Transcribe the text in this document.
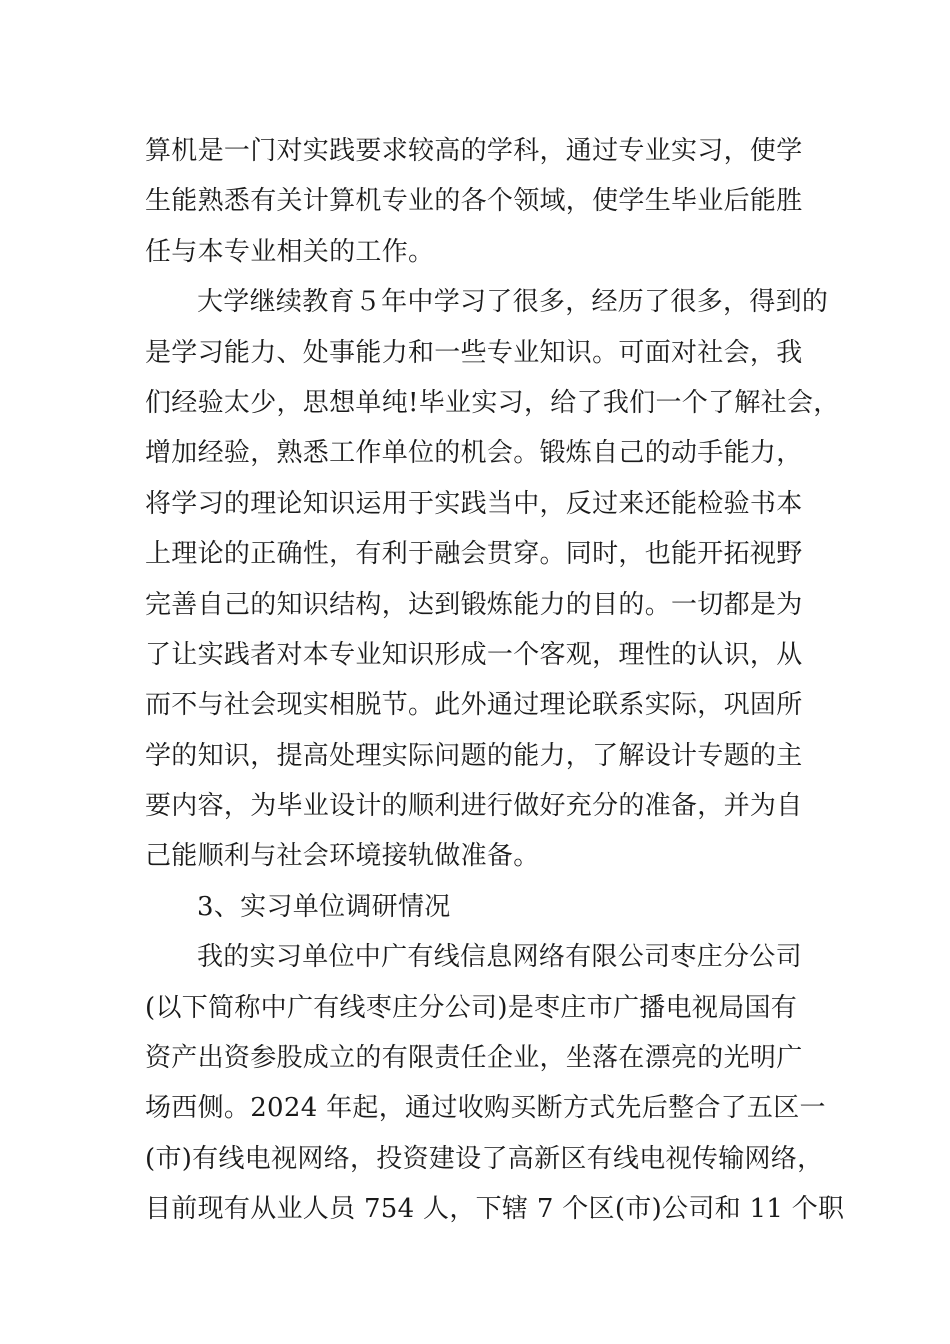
算机是一门对实践要求较高的学科，通过专业实习，使学
生能熟悉有关计算机专业的各个领域，使学生毕业后能胜
任与本专业相关的工作。
大学继续教育５年中学习了很多，经历了很多，得到的
是学习能力、处事能力和一些专业知识。可面对社会，我
们经验太少，思想单纯!毕业实习，给了我们一个了解社会，
增加经验，熟悉工作单位的机会。锻炼自己的动手能力，
将学习的理论知识运用于实践当中，反过来还能检验书本
上理论的正确性，有利于融会贯穿。同时，也能开拓视野
完善自己的知识结构，达到锻炼能力的目的。一切都是为
了让实践者对本专业知识形成一个客观，理性的认识，从
而不与社会现实相脱节。此外通过理论联系实际，巩固所
学的知识，提高处理实际问题的能力，了解设计专题的主
要内容，为毕业设计的顺利进行做好充分的准备，并为自
己能顺利与社会环境接轨做准备。
3、实习单位调研情况
我的实习单位中广有线信息网络有限公司枣庄分公司
(以下简称中广有线枣庄分公司)是枣庄市广播电视局国有
资产出资参股成立的有限责任企业，坐落在漂亮的光明广
场西侧。2024 年起，通过收购买断方式先后整合了五区一
(市)有线电视网络，投资建设了高新区有线电视传输网络，
目前现有从业人员 754 人，下辖 7 个区(市)公司和 11 个职
